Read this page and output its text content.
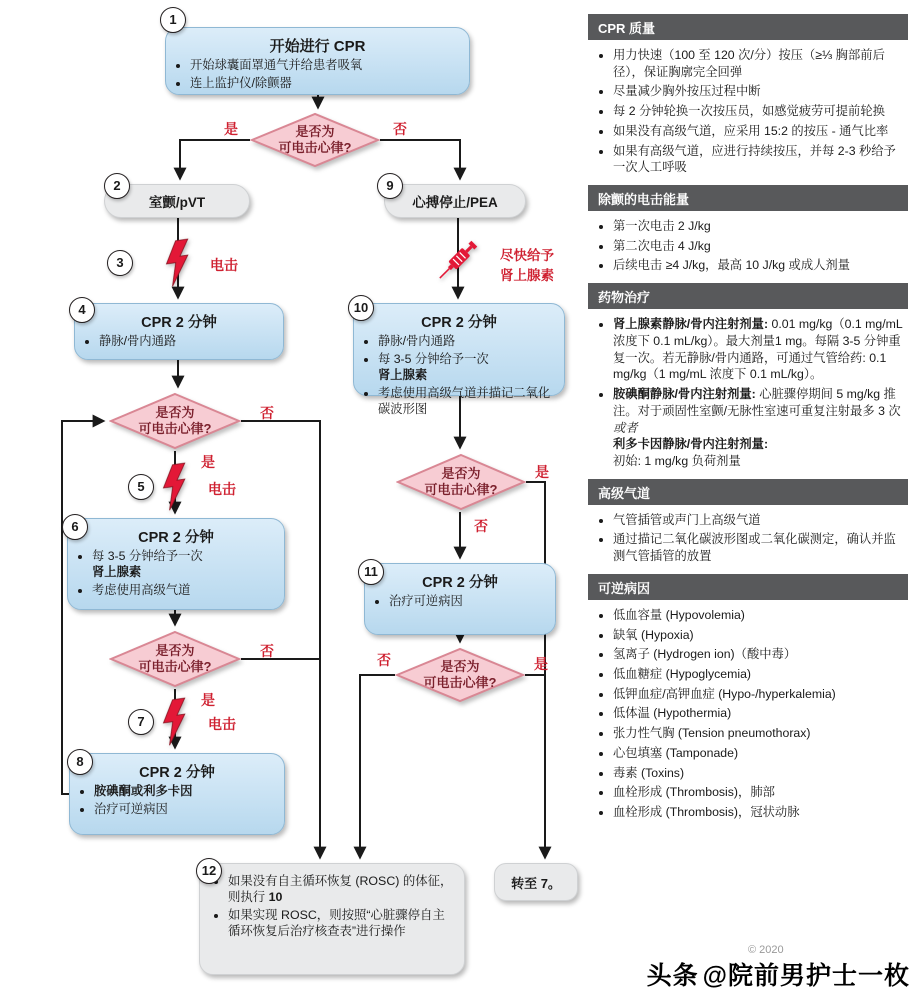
开始进行 CPR
• 开始球囊面罩通气并给患者吸氧
• 连上监护仪/除颤器
1
是否为
可电击心律?
是	否
室颤/pVT
2
心搏停止/PEA
9
3	电击
尽快给予
肾上腺素
CPR 2 分钟
• 静脉/骨内通路
4
CPR 2 分钟
• 静脉/骨内通路
• 每 3-5 分钟给予一次
肾上腺素
• 考虑使用高级气道并描记二氧化碳波形图
10
是否为
可电击心律?
否
是
是否为
可电击心律?
是
否
5	电击
CPR 2 分钟
• 每 3-5 分钟给予一次
肾上腺素
• 考虑使用高级气道
6
CPR 2 分钟
• 治疗可逆病因
11
是否为
可电击心律?
否
是
是否为
可电击心律?
否	是
7	电击
CPR 2 分钟
• 胺碘酮或利多卡因
• 治疗可逆病因
8
• 如果没有自主循环恢复 (ROSC) 的体征，则执行 10
• 如果实现 ROSC，则按照“心脏骤停自主循环恢复后治疗核查表”进行操作
12
转至 7。
CPR 质量
• 用力快速（100 至 120 次/分）按压（≥⅓ 胸部前后径），保证胸廓完全回弹
• 尽量减少胸外按压过程中断
• 每 2 分钟轮换一次按压员，如感觉疲劳可提前轮换
• 如果没有高级气道，应采用 15:2 的按压 - 通气比率
• 如果有高级气道，应进行持续按压，并每 2-3 秒给予一次人工呼吸
除颤的电击能量
• 第一次电击 2 J/kg
• 第二次电击 4 J/kg
• 后续电击 ≥4 J/kg，最高 10 J/kg 或成人剂量
药物治疗
• 肾上腺素静脉/骨内注射剂量: 0.01 mg/kg（0.1 mg/mL 浓度下 0.1 mL/kg）。最大剂量1 mg。每隔 3-5 分钟重复一次。若无静脉/骨内通路，可通过气管给药: 0.1 mg/kg（1 mg/mL 浓度下 0.1 mL/kg）。
• 胺碘酮静脉/骨内注射剂量: 心脏骤停期间 5 mg/kg 推注。对于顽固性室颤/无脉性室速可重复注射最多 3 次
或者
利多卡因静脉/骨内注射剂量:
初始: 1 mg/kg 负荷剂量
高级气道
• 气管插管或声门上高级气道
• 通过描记二氧化碳波形图或二氧化碳测定，确认并监测气管插管的放置
可逆病因
• 低血容量 (Hypovolemia)
• 缺氧 (Hypoxia)
• 氢离子 (Hydrogen ion)（酸中毒）
• 低血糖症 (Hypoglycemia)
• 低钾血症/高钾血症 (Hypo-/hyperkalemia)
• 低体温 (Hypothermia)
• 张力性气胸 (Tension pneumothorax)
• 心包填塞 (Tamponade)
• 毒素 (Toxins)
• 血栓形成 (Thrombosis)，肺部
• 血栓形成 (Thrombosis)，冠状动脉
© 2020
头条 @院前男护士一枚
